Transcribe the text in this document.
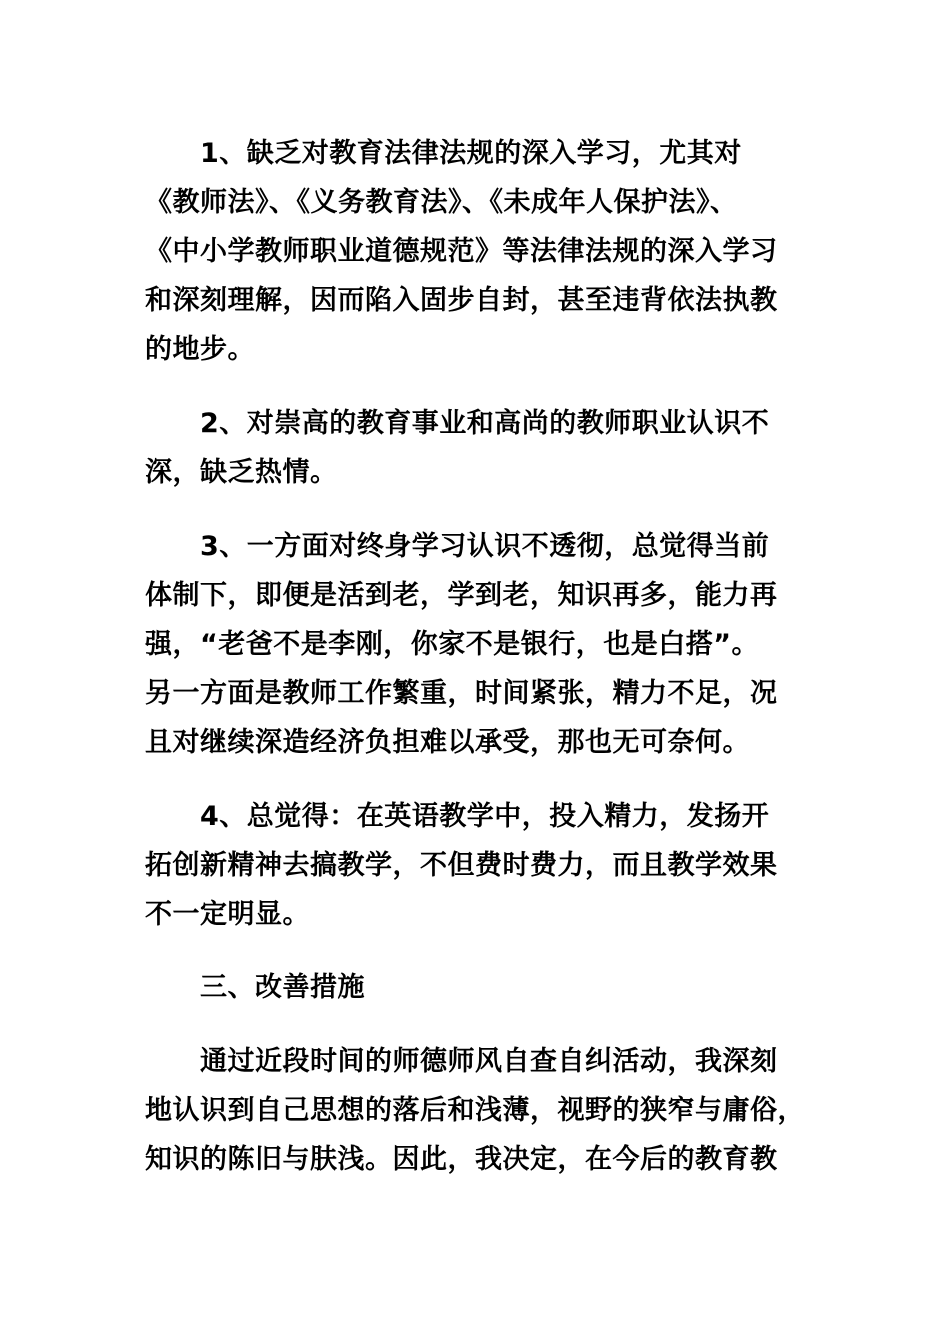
1、缺乏对教育法律法规的深入学习，尤其对
《教师法》、《义务教育法》、《未成年人保护法》、
《中小学教师职业道德规范》等法律法规的深入学习
和深刻理解，因而陷入固步自封，甚至违背依法执教
的地步。
2、对崇高的教育事业和高尚的教师职业认识不
深，缺乏热情。
3、一方面对终身学习认识不透彻，总觉得当前
体制下，即便是活到老，学到老，知识再多，能力再
强，“老爸不是李刚，你家不是银行，也是白搭”。
另一方面是教师工作繁重，时间紧张，精力不足，况
且对继续深造经济负担难以承受，那也无可奈何。
4、总觉得：在英语教学中，投入精力，发扬开
拓创新精神去搞教学，不但费时费力，而且教学效果
不一定明显。
三、改善措施
通过近段时间的师德师风自查自纠活动，我深刻
地认识到自己思想的落后和浅薄，视野的狭窄与庸俗，
知识的陈旧与肤浅。因此，我决定，在今后的教育教
